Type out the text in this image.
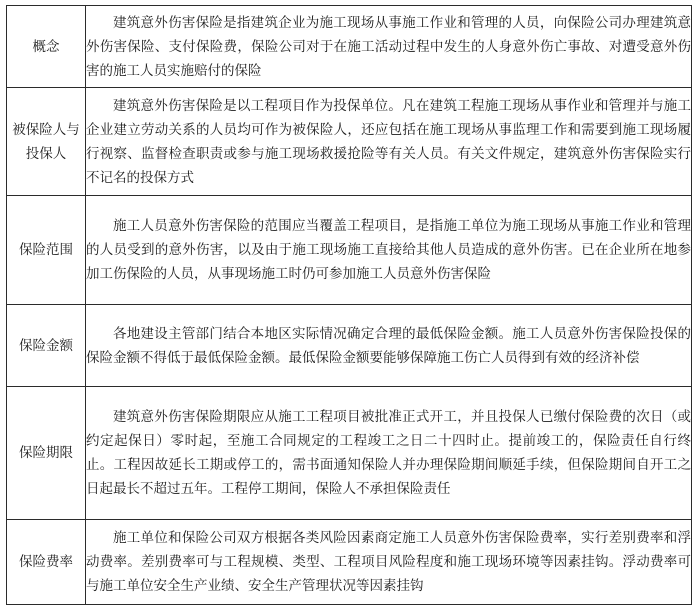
概念	建筑意外伤害保险是指建筑企业为施工现场从事施工作业和管理的人员，向保险公司办理建筑意外伤害保险、支付保险费，保险公司对于在施工活动过程中发生的人身意外伤亡事故、对遭受意外伤害的施工人员实施赔付的保险
被保险人与投保人	建筑意外伤害保险是以工程项目作为投保单位。凡在建筑工程施工现场从事作业和管理并与施工企业建立劳动关系的人员均可作为被保险人，还应包括在施工现场从事监理工作和需要到施工现场履行视察、监督检查职责或参与施工现场救援抢险等有关人员。有关文件规定，建筑意外伤害保险实行不记名的投保方式
保险范围	施工人员意外伤害保险的范围应当覆盖工程项目，是指施工单位为施工现场从事施工作业和管理的人员受到的意外伤害，以及由于施工现场施工直接给其他人员造成的意外伤害。已在企业所在地参加工伤保险的人员，从事现场施工时仍可参加施工人员意外伤害保险
保险金额	各地建设主管部门结合本地区实际情况确定合理的最低保险金额。施工人员意外伤害保险投保的保险金额不得低于最低保险金额。最低保险金额要能够保障施工伤亡人员得到有效的经济补偿
保险期限	建筑意外伤害保险期限应从施工工程项目被批准正式开工，并且投保人已缴付保险费的次日（或约定起保日）零时起，至施工合同规定的工程竣工之日二十四时止。提前竣工的，保险责任自行终止。工程因故延长工期或停工的，需书面通知保险人并办理保险期间顺延手续，但保险期间自开工之日起最长不超过五年。工程停工期间，保险人不承担保险责任
保险费率	施工单位和保险公司双方根据各类风险因素商定施工人员意外伤害保险费率，实行差别费率和浮动费率。差别费率可与工程规模、类型、工程项目风险程度和施工现场环境等因素挂钩。浮动费率可与施工单位安全生产业绩、安全生产管理状况等因素挂钩
